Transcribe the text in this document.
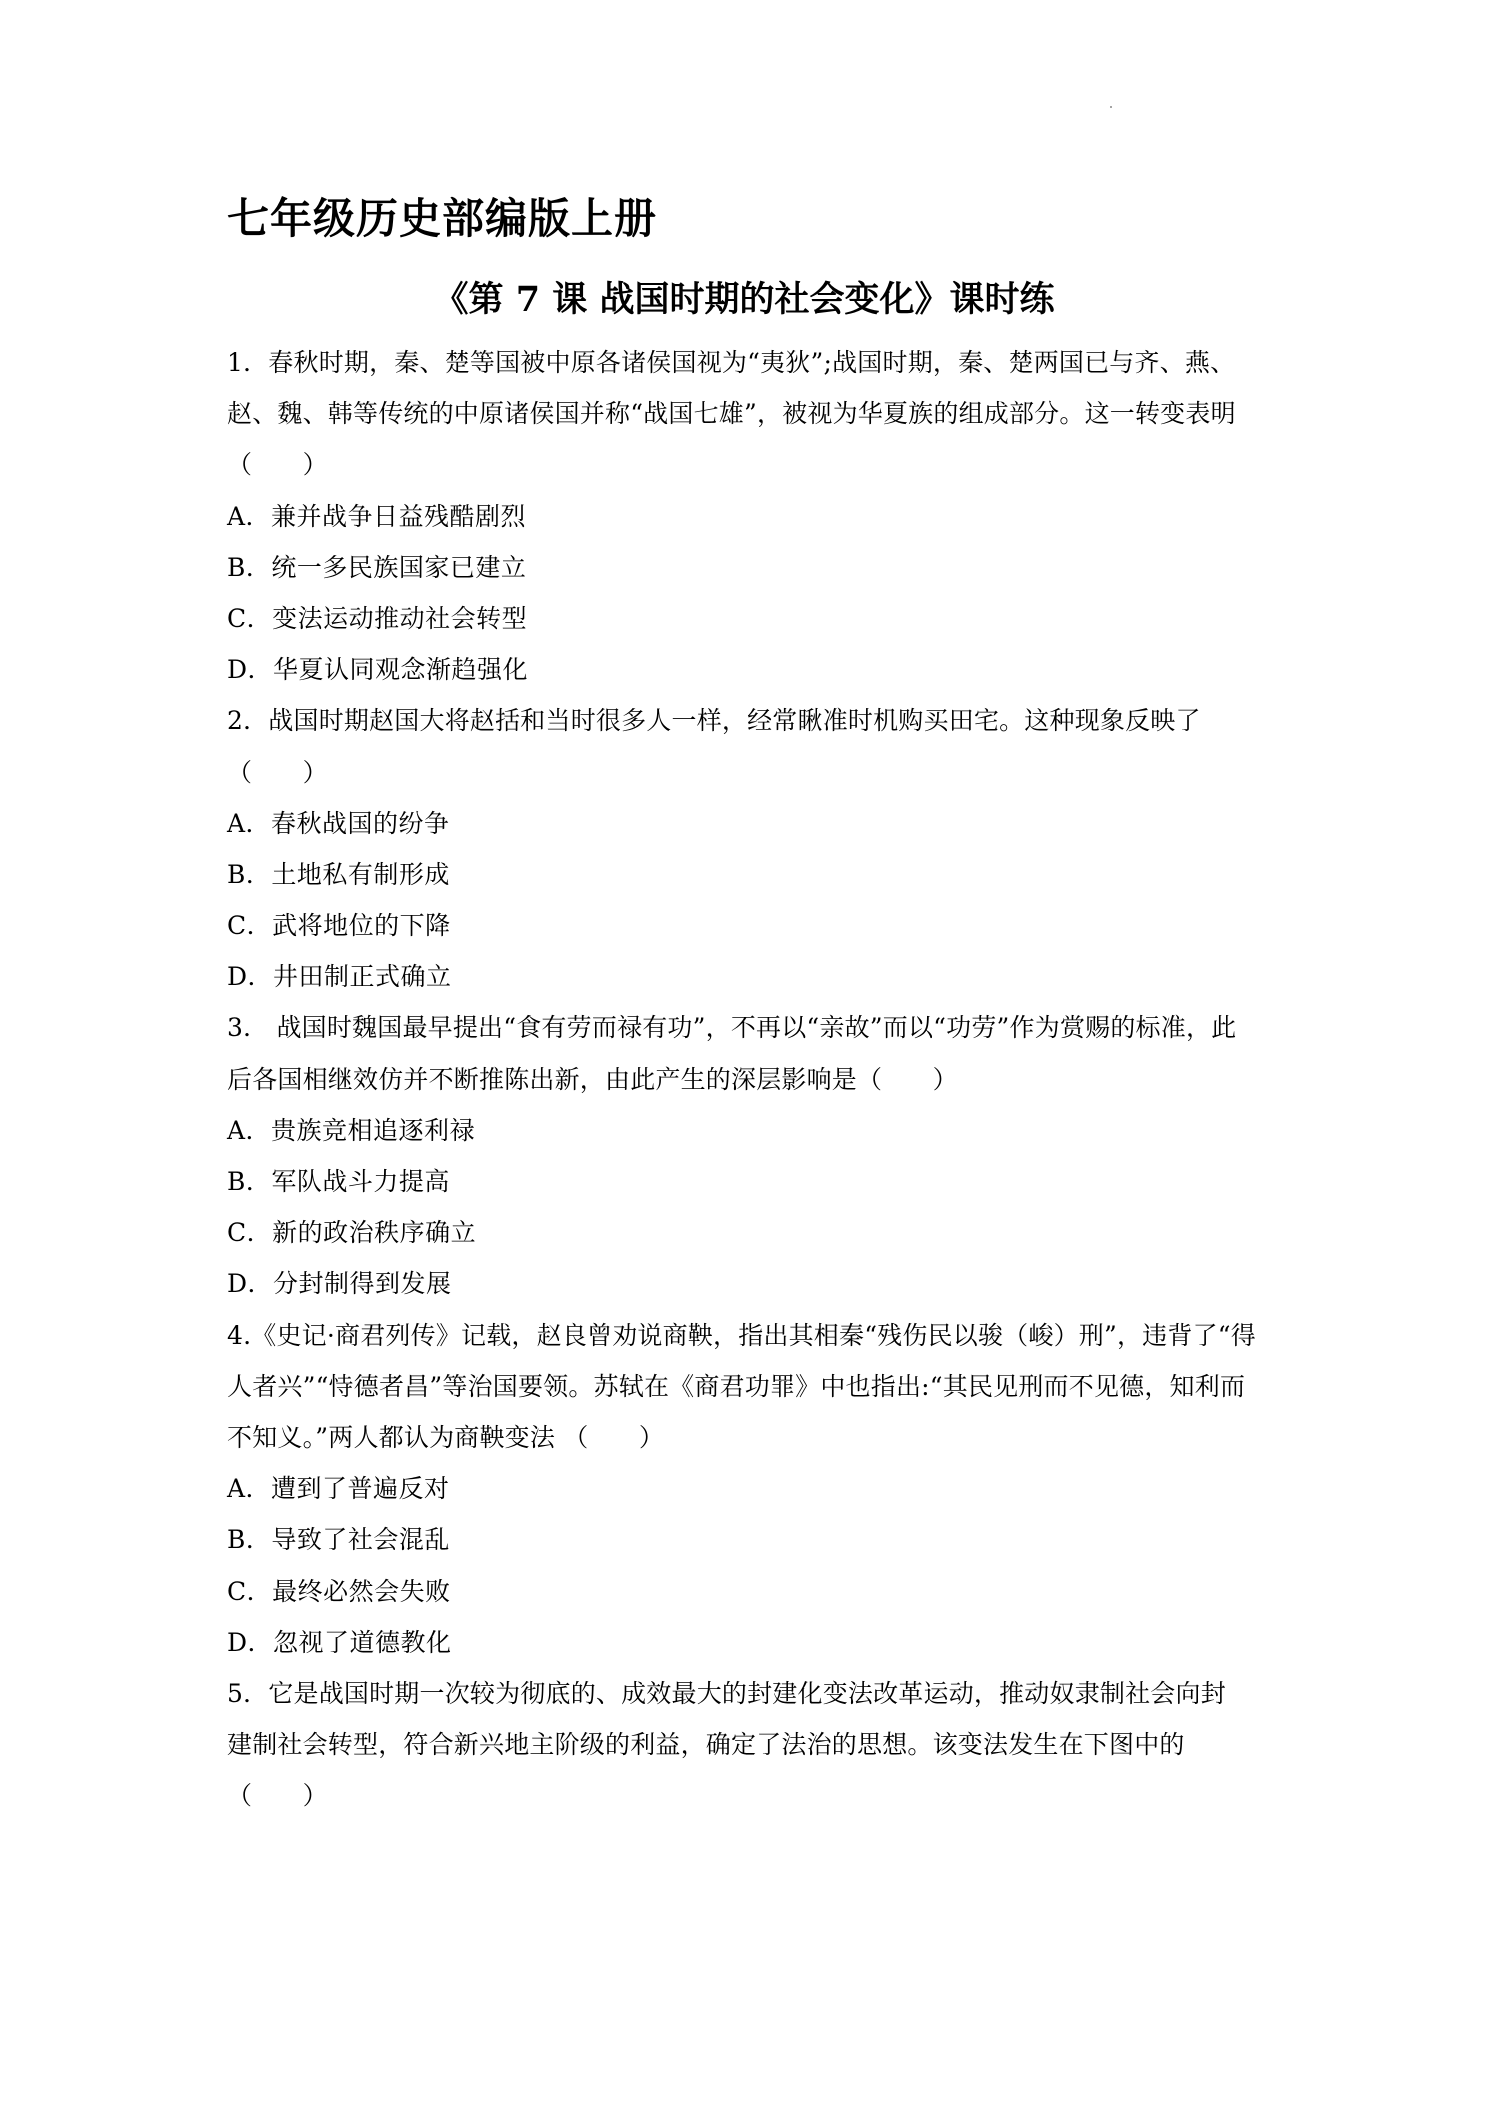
七年级历史部编版上册
《第 7 课 战国时期的社会变化》课时练
1．春秋时期，秦、楚等国被中原各诸侯国视为“夷狄”;战国时期，秦、楚两国已与齐、燕、
赵、魏、韩等传统的中原诸侯国并称“战国七雄”，被视为华夏族的组成部分。这一转变表明
（　　）
A．兼并战争日益残酷剧烈
B．统一多民族国家已建立
C．变法运动推动社会转型
D．华夏认同观念渐趋强化
2．战国时期赵国大将赵括和当时很多人一样，经常瞅准时机购买田宅。这种现象反映了
（　　）
A．春秋战国的纷争
B．土地私有制形成
C．武将地位的下降
D．井田制正式确立
3． 战国时魏国最早提出“食有劳而禄有功”，不再以“亲故”而以“功劳”作为赏赐的标准，此
后各国相继效仿并不断推陈出新，由此产生的深层影响是（　　）
A．贵族竞相追逐利禄
B．军队战斗力提高
C．新的政治秩序确立
D．分封制得到发展
4.《史记·商君列传》记载，赵良曾劝说商鞅，指出其相秦“残伤民以骏（峻）刑”，违背了“得
人者兴”“恃德者昌”等治国要领。苏轼在《商君功罪》中也指出:“其民见刑而不见德，知利而
不知义。”两人都认为商鞅变法 （　　）
A．遭到了普遍反对
B．导致了社会混乱
C．最终必然会失败
D．忽视了道德教化
5．它是战国时期一次较为彻底的、成效最大的封建化变法改革运动，推动奴隶制社会向封
建制社会转型，符合新兴地主阶级的利益，确定了法治的思想。该变法发生在下图中的
（　　）
